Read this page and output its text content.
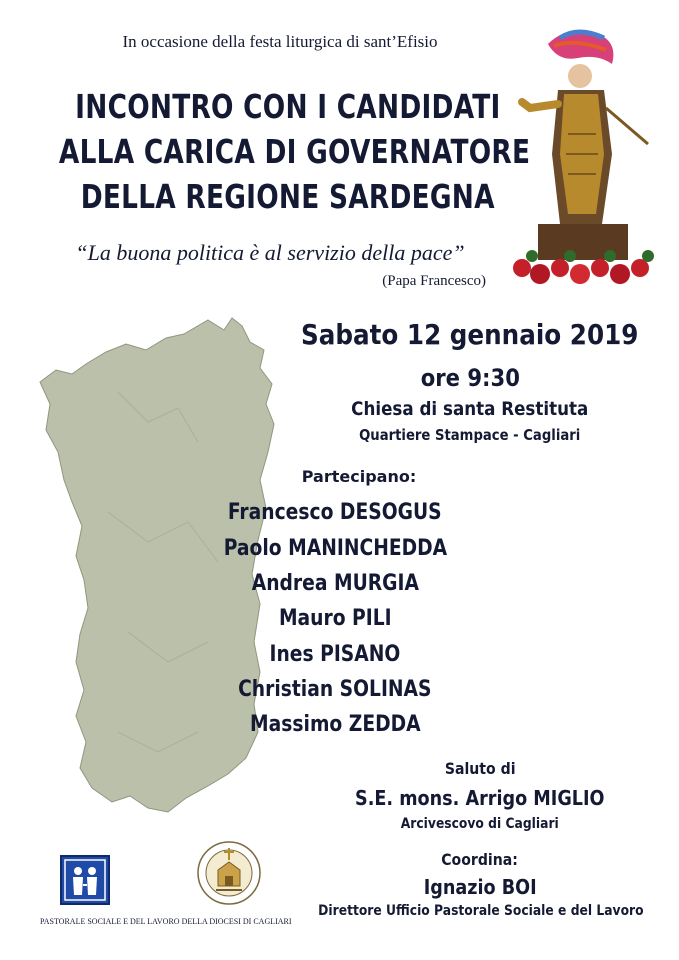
In occasione della festa liturgica di sant’Efisio
INCONTRO CON I CANDIDATI
ALLA CARICA DI GOVERNATORE
DELLA REGIONE SARDEGNA
“La buona politica è al servizio della pace”
(Papa Francesco)
Sabato 12 gennaio 2019
ore 9:30
Chiesa di santa Restituta
Quartiere Stampace - Cagliari
Partecipano:
Francesco DESOGUS
Paolo MANINCHEDDA
Andrea MURGIA
Mauro PILI
Ines PISANO
Christian SOLINAS
Massimo ZEDDA
Saluto di
S.E. mons. Arrigo MIGLIO
Arcivescovo di Cagliari
Coordina:
Ignazio BOI
Direttore Ufficio Pastorale Sociale e del Lavoro
PASTORALE SOCIALE E DEL LAVORO DELLA DIOCESI DI CAGLIARI
